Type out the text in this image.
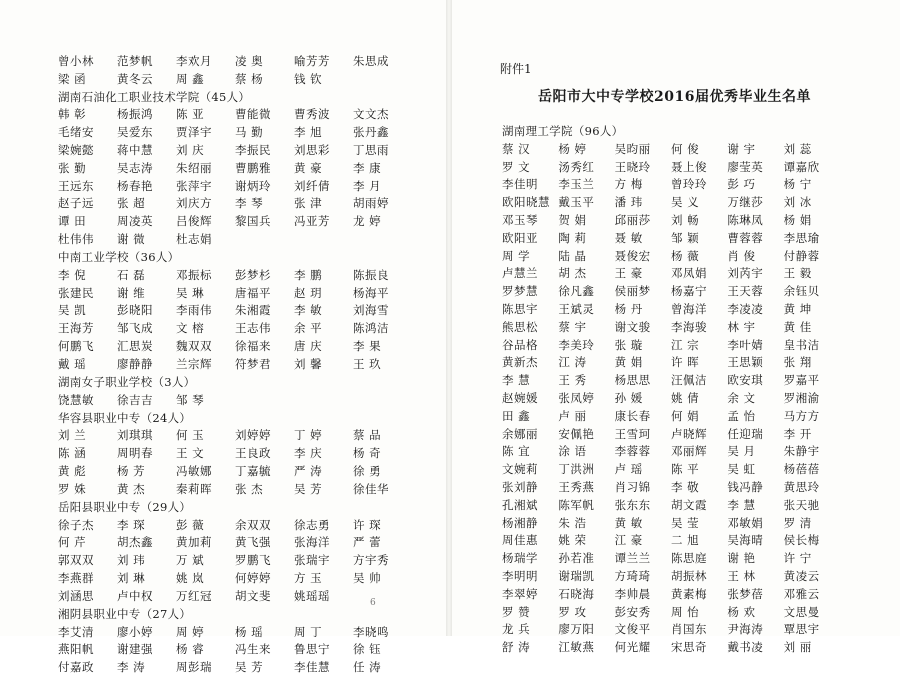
曾小林	范梦帆	李欢月	凌 奥	喻芳芳	朱思成
梁 函	黄冬云	周 鑫	蔡 杨	钱 钦
湖南石油化工职业技术学院（45人）
韩 彰	杨振鸿	陈 亚	曹能微	曹秀波	文文杰
毛绪安	吴爱东	贾泽宇	马 勤	李 旭	张丹鑫
梁婉懿	蒋中慧	刘 庆	李振民	刘思彩	丁思雨
张 勤	吴志涛	朱绍丽	曹鹏雅	黄 豪	李 康
王远东	杨春艳	张萍宇	谢炳玲	刘纤倩	李 月
赵子远	张 超	刘庆方	李 琴	张 津	胡雨婷
谭 田	周凌英	吕俊辉	黎国兵	冯亚芳	龙 婷
杜伟伟	谢 微	杜志娟
中南工业学校（36人）
李 倪	石 磊	邓振标	彭梦杉	李 鹏	陈振良
张建民	谢 维	吴 琳	唐福平	赵 玥	杨海平
吴 凯	彭晓阳	李雨伟	朱湘霞	李 敏	刘海雪
王海芳	邹飞成	文 榕	王志伟	余 平	陈鸿洁
何鹏飞	汇思炭	魏双双	徐福来	唐 庆	李 果
戴 瑶	廖静静	兰宗辉	符梦君	刘 馨	王 玖
湖南女子职业学校（3人）
饶慧敏	徐吉吉	邹 琴
华容县职业中专（24人）
刘 兰	刘琪琪	何 玉	刘婷婷	丁 婷	蔡 品
陈 涵	周明春	王 文	王良政	李 庆	杨 奇
黄 彪	杨 芳	冯敏娜	丁嘉毓	严 涛	徐 勇
罗 姝	黄 杰	秦莉晖	张 杰	吴 芳	徐佳华
岳阳县职业中专（29人）
徐子杰	李 琛	彭 薇	余双双	徐志勇	许 琛
何 芹	胡杰鑫	黄加莉	黄飞强	张海洋	严 蕾
郭双双	刘 玮	万 斌	罗鹏飞	张瑞宇	方宇秀
李燕群	刘 琳	姚 岚	何婷婷	方 玉	吴 帅
刘涵思	卢中权	万红冠	胡文斐	姚瑶瑶
湘阴县职业中专（27人）
李艾清	廖小婷	周 婷	杨 瑶	周 丁	李晓鸣
燕阳帆	谢建强	杨 睿	冯生来	鲁思宁	徐 钰
付嘉政	李 涛	周彭瑞	吴 芳	李佳慧	任 涛
湖南理工学院（96人）
蔡 汉	杨 婷	吴昀丽	何 俊	谢 宇	刘 蕊
罗 文	汤秀红	王晓玲	聂上俊	廖莹英	谭嘉欣
李佳明	李玉兰	方 梅	曾玲玲	彭 巧	杨 宁
欧阳晓慧 戴玉平	潘 玮	吴 义	万继莎	刘 冰
邓玉琴	贺 娟	邱丽莎	刘 畅	陈琳凤	杨 娟
欧阳亚	陶 莉	聂 敏	邹 颖	曹蓉蓉	李思瑜
周 学	陆 晶	聂俊宏	杨 薇	肖 俊	付静蓉
卢慧兰	胡 杰	王 豪	邓凤娟	刘芮宇	王 毅
罗梦慧	徐凡鑫	侯丽梦	杨嘉宁	王天蓉	余钰贝
陈思宇	王斌灵	杨 丹	曾海洋	李凌凌	黄 坤
熊思松	蔡 宇	谢文骏	李海骏	林 宇	黄 佳
谷品格	李美玲	张 璇	江 宗	李叶婧	皇书洁
黄新杰	江 涛	黄 娟	许 晖	王思颖	张 翔
李 慧	王 秀	杨思思	汪佩洁	欧安琪	罗嘉平
赵婉媛	张凤婷	孙 媛	姚 倩	余 文	罗湘渝
田 鑫	卢 丽	康长春	何 娟	孟 怡	马方方
余娜丽	安佩艳	王雪珂	卢晓辉	任迎瑞	李 开
陈 宜	涂 语	李蓉蓉	邓丽辉	吴 月	朱静宇
文婉莉	丁洪洲	卢 瑶	陈 平	吴 虹	杨蓓蓓
张刘静	王秀燕	肖习锦	李 敬	钱冯静	黄思玲
孔湘斌	陈军帆	张东东	胡文霞	李 慧	张天驰
杨湘静	朱 浩	黄 敏	吴 莹	邓敏娟	罗 清
周佳惠	姚 荣	江 豪	二 旭	吴海晴	侯长梅
杨瑞学	孙若准	谭兰兰	陈思庭	谢 艳	许 宁
李明明	谢瑞凯	方琦琦	胡振林	王 林	黄凌云
李翠婷	石晓海	李帅晨	黄素梅	张梦蓓	邓雅云
罗 赞	罗 攻	彭安秀	周 怡	杨 欢	文思曼
龙 兵	廖万阳	文俊平	肖国东	尹海涛	覃思宇
舒 涛	江敏燕	何光耀	宋思奇	戴书凌	刘 丽
附件1
岳阳市大中专学校2016届优秀毕业生名单
6
